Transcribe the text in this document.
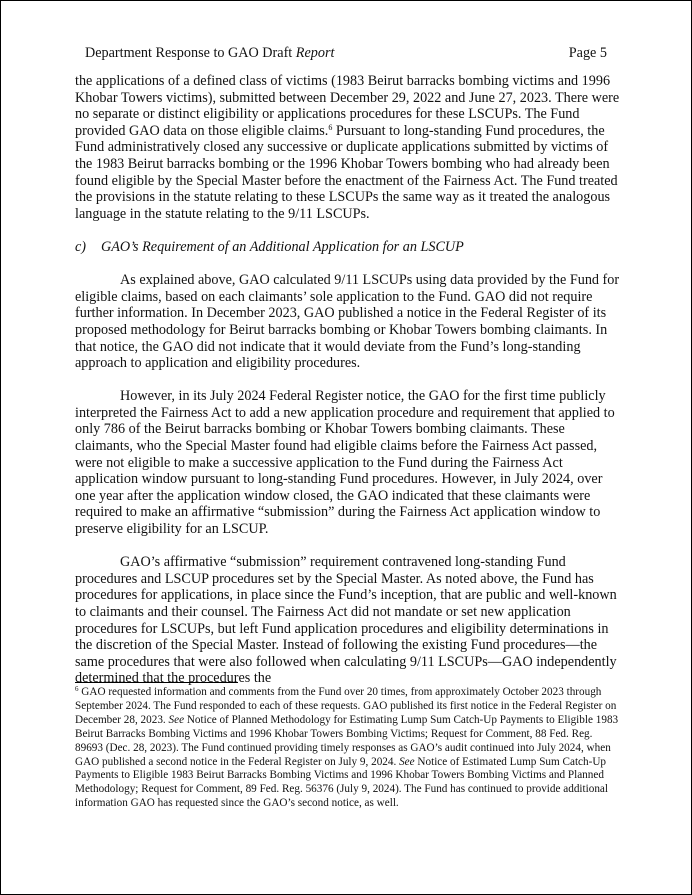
Department Response to GAO Draft Report	Page 5

the applications of a defined class of victims (1983 Beirut barracks bombing victims and 1996 Khobar Towers victims), submitted between December 29, 2022 and June 27, 2023. There were no separate or distinct eligibility or applications procedures for these LSCUPs. The Fund provided GAO data on those eligible claims.$^6$ Pursuant to long-standing Fund procedures, the Fund administratively closed any successive or duplicate applications submitted by victims of the 1983 Beirut barracks bombing or the 1996 Khobar Towers bombing who had already been found eligible by the Special Master before the enactment of the Fairness Act. The Fund treated the provisions in the statute relating to these LSCUPs the same way as it treated the analogous language in the statute relating to the 9/11 LSCUPs.

c) GAO’s Requirement of an Additional Application for an LSCUP

As explained above, GAO calculated 9/11 LSCUPs using data provided by the Fund for eligible claims, based on each claimants’ sole application to the Fund. GAO did not require further information. In December 2023, GAO published a notice in the Federal Register of its proposed methodology for Beirut barracks bombing or Khobar Towers bombing claimants. In that notice, the GAO did not indicate that it would deviate from the Fund’s long-standing approach to application and eligibility procedures.

However, in its July 2024 Federal Register notice, the GAO for the first time publicly interpreted the Fairness Act to add a new application procedure and requirement that applied to only 786 of the Beirut barracks bombing or Khobar Towers bombing claimants. These claimants, who the Special Master found had eligible claims before the Fairness Act passed, were not eligible to make a successive application to the Fund during the Fairness Act application window pursuant to long-standing Fund procedures. However, in July 2024, over one year after the application window closed, the GAO indicated that these claimants were required to make an affirmative “submission” during the Fairness Act application window to preserve eligibility for an LSCUP.

GAO’s affirmative “submission” requirement contravened long-standing Fund procedures and LSCUP procedures set by the Special Master. As noted above, the Fund has procedures for applications, in place since the Fund’s inception, that are public and well-known to claimants and their counsel. The Fairness Act did not mandate or set new application procedures for LSCUPs, but left Fund application procedures and eligibility determinations in the discretion of the Special Master. Instead of following the existing Fund procedures—the same procedures that were also followed when calculating 9/11 LSCUPs—GAO independently determined that the procedures the

$^6$ GAO requested information and comments from the Fund over 20 times, from approximately October 2023 through September 2024. The Fund responded to each of these requests. GAO published its first notice in the Federal Register on December 28, 2023. See Notice of Planned Methodology for Estimating Lump Sum Catch-Up Payments to Eligible 1983 Beirut Barracks Bombing Victims and 1996 Khobar Towers Bombing Victims; Request for Comment, 88 Fed. Reg. 89693 (Dec. 28, 2023). The Fund continued providing timely responses as GAO’s audit continued into July 2024, when GAO published a second notice in the Federal Register on July 9, 2024. See Notice of Estimated Lump Sum Catch-Up Payments to Eligible 1983 Beirut Barracks Bombing Victims and 1996 Khobar Towers Bombing Victims and Planned Methodology; Request for Comment, 89 Fed. Reg. 56376 (July 9, 2024). The Fund has continued to provide additional information GAO has requested since the GAO’s second notice, as well.
